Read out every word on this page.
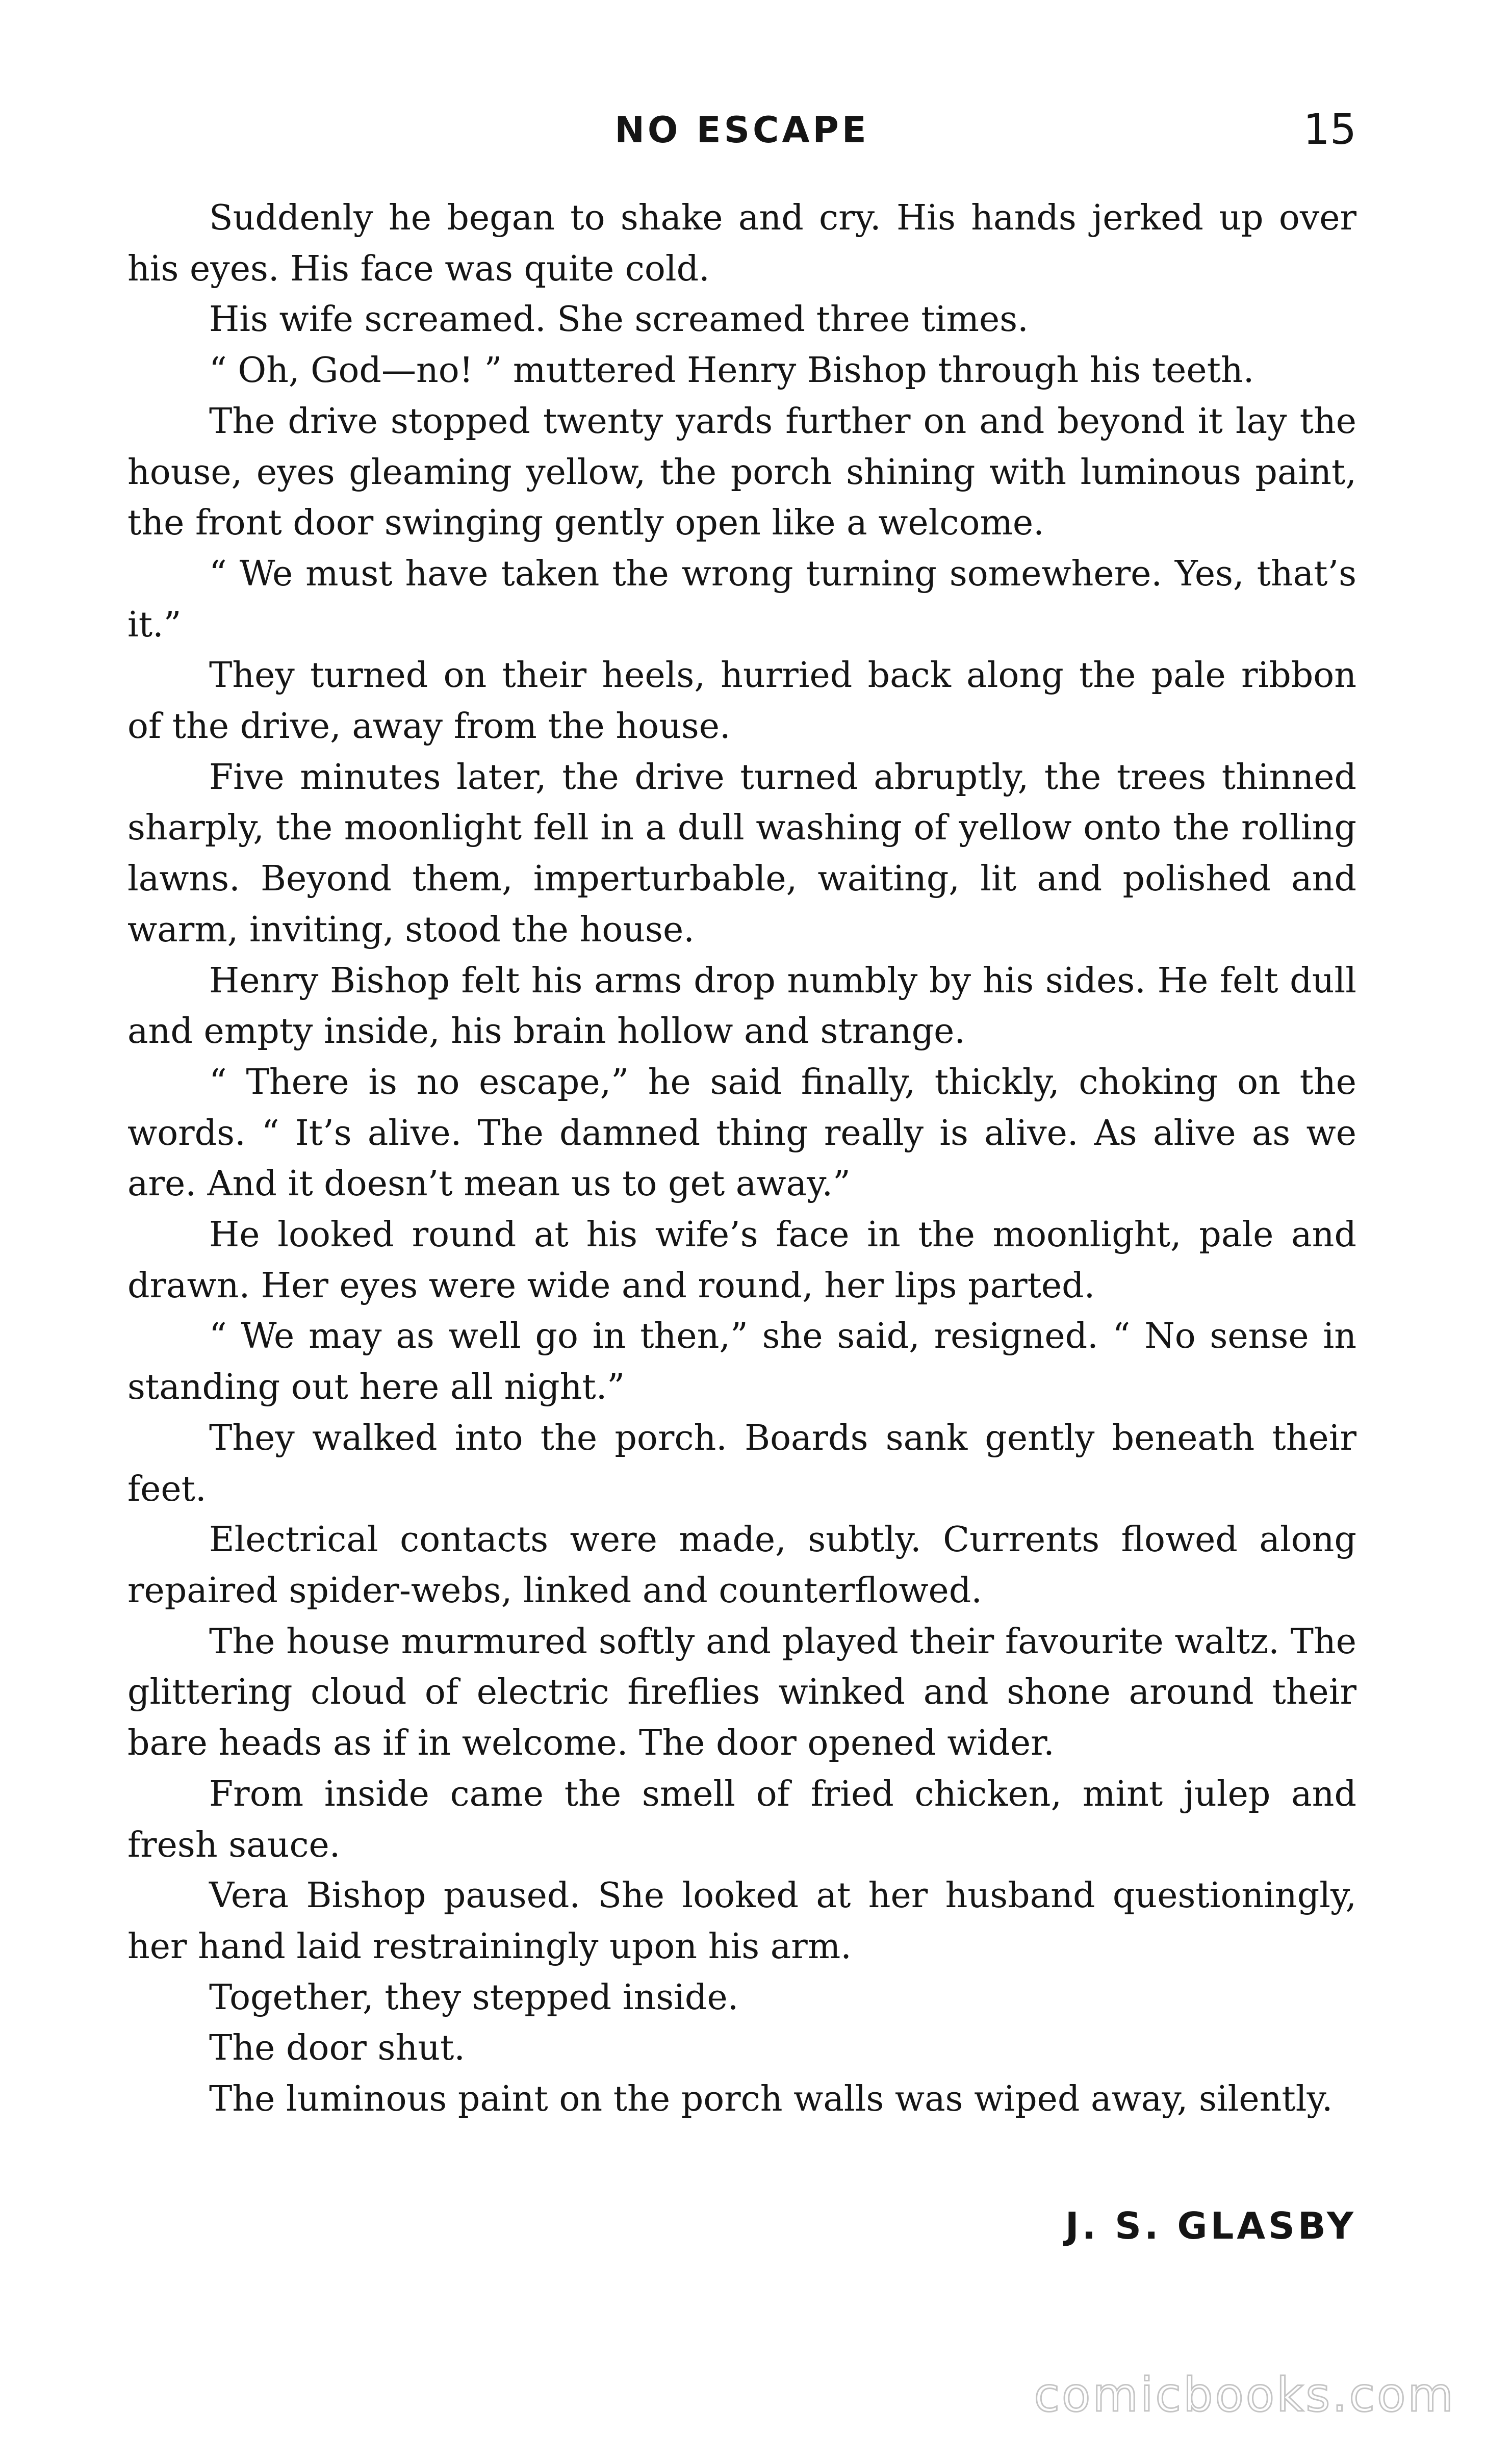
NO ESCAPE	15

Suddenly he began to shake and cry. His hands jerked up over his eyes. His face was quite cold.

His wife screamed. She screamed three times.

“ Oh, God—no! ” muttered Henry Bishop through his teeth.

The drive stopped twenty yards further on and beyond it lay the house, eyes gleaming yellow, the porch shining with luminous paint, the front door swinging gently open like a welcome.

“ We must have taken the wrong turning somewhere. Yes, that’s it.”

They turned on their heels, hurried back along the pale ribbon of the drive, away from the house.

Five minutes later, the drive turned abruptly, the trees thinned sharply, the moonlight fell in a dull washing of yellow onto the rolling lawns. Beyond them, imperturbable, waiting, lit and polished and warm, inviting, stood the house.

Henry Bishop felt his arms drop numbly by his sides. He felt dull and empty inside, his brain hollow and strange.

“ There is no escape,” he said finally, thickly, choking on the words. “ It’s alive. The damned thing really is alive. As alive as we are. And it doesn’t mean us to get away.”

He looked round at his wife’s face in the moonlight, pale and drawn. Her eyes were wide and round, her lips parted.

“ We may as well go in then,” she said, resigned. “ No sense in standing out here all night.”

They walked into the porch. Boards sank gently beneath their feet.

Electrical contacts were made, subtly. Currents flowed along repaired spider-webs, linked and counterflowed.

The house murmured softly and played their favourite waltz. The glittering cloud of electric fireflies winked and shone around their bare heads as if in welcome. The door opened wider.

From inside came the smell of fried chicken, mint julep and fresh sauce.

Vera Bishop paused. She looked at her husband questioningly, her hand laid restrainingly upon his arm.

Together, they stepped inside.

The door shut.

The luminous paint on the porch walls was wiped away, silently.

J. S. GLASBY
comicbooks.com
